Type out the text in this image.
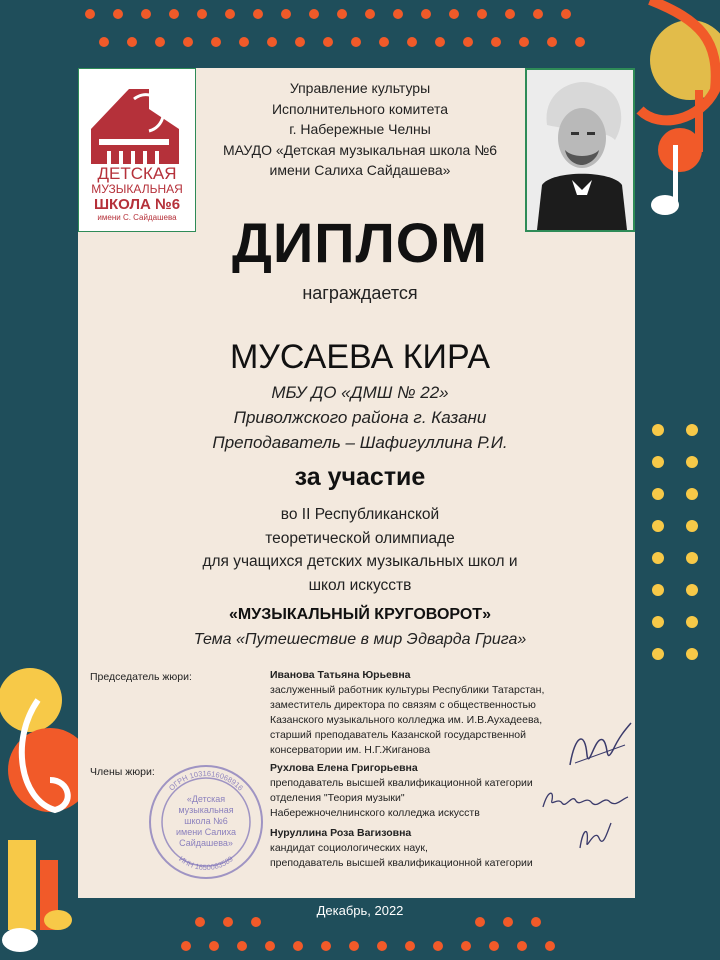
ДЕТСКАЯ
МУЗЫКАЛЬНАЯ
ШКОЛА №6
имени С. Сайдашева
Управление культуры
Исполнительного комитета
г. Набережные Челны
МАУДО «Детская музыкальная школа №6
имени Салиха Сайдашева»
ДИПЛОМ
награждается
МУСАЕВА КИРА
МБУ ДО «ДМШ № 22»
Приволжского района г. Казани
Преподаватель – Шафигуллина Р.И.
за участие
во II Республиканской
теоретической олимпиаде
для учащихся детских музыкальных школ и
школ искусств
«МУЗЫКАЛЬНЫЙ КРУГОВОРОТ»
Тема «Путешествие в мир Эдварда Грига»
Председатель жюри:	Иванова Татьяна Юрьевна
заслуженный работник культуры Республики Татарстан,
заместитель директора по связям с общественностью
Казанского музыкального колледжа им. И.В.Аухадеева,
старший преподаватель Казанской государственной
консерватории им. Н.Г.Жиганова
Члены жюри:	Рухлова Елена Григорьевна
преподаватель высшей квалификационной категории
отделения "Теория музыки"
Набережночелнинского колледжа искусств
Нуруллина Роза Вагизовна
кандидат социологических наук,
преподаватель высшей квалификационной категории
ОГРН 1031616068916
ИНН 1650083589
«Детская
музыкальная
школа №6
имени Салиха
Сайдашева»
Декабрь, 2022
